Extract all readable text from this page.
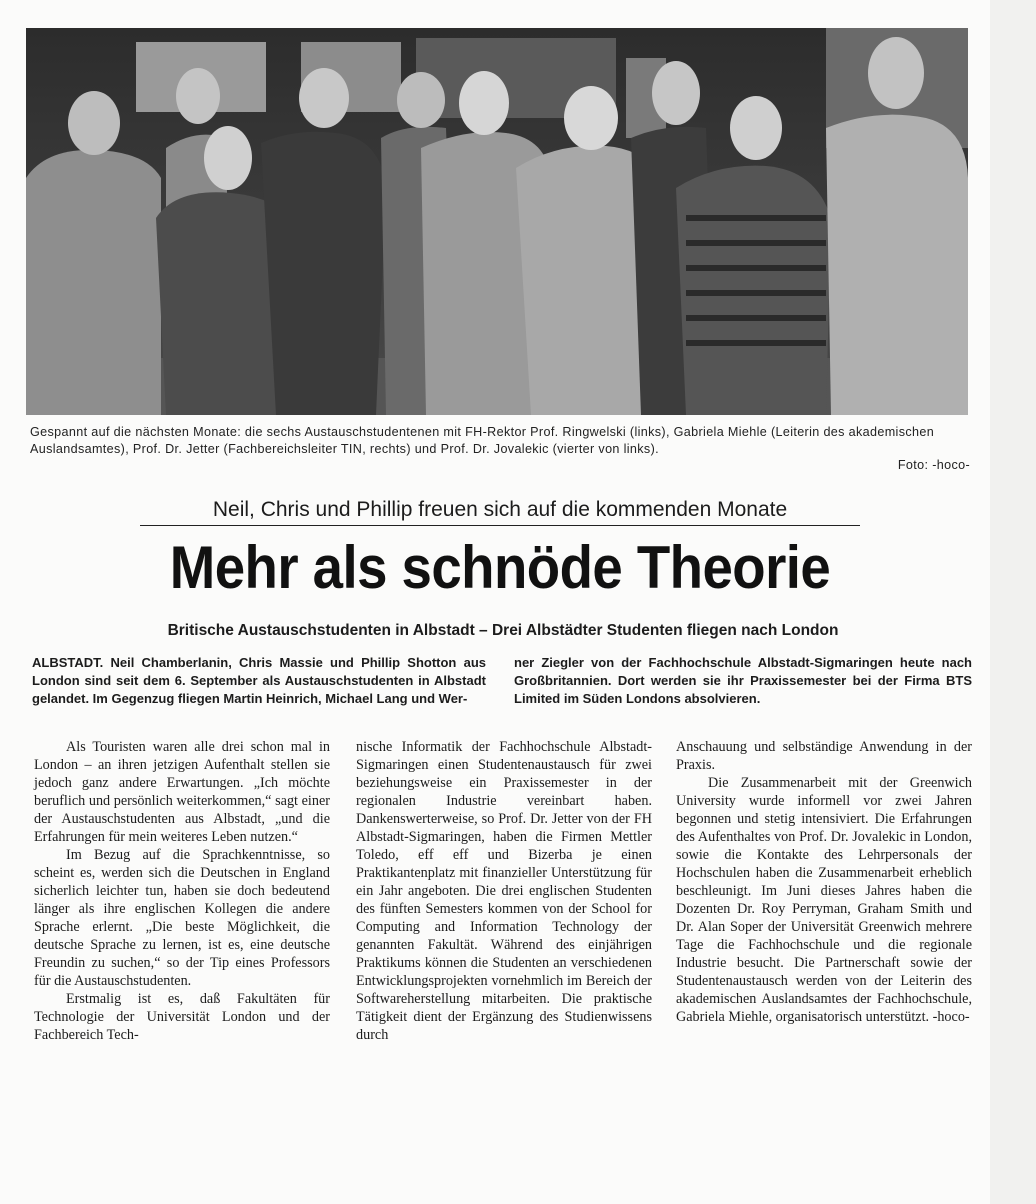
Gespannt auf die nächsten Monate: die sechs Austauschstudentenen mit FH-Rektor Prof. Ringwelski (links), Gabriela Miehle (Leiterin des akademischen Auslandsamtes), Prof. Dr. Jetter (Fachbereichsleiter TIN, rechts) und Prof. Dr. Jovalekic (vierter von links).
Foto: -hoco-
Neil, Chris und Phillip freuen sich auf die kommenden Monate
Mehr als schnöde Theorie
Britische Austauschstudenten in Albstadt – Drei Albstädter Studenten fliegen nach London

ALBSTADT. Neil Chamberlanin, Chris Massie und Phillip Shotton aus London sind seit dem 6. September als Austauschstudenten in Albstadt gelandet. Im Gegenzug fliegen Martin Heinrich, Michael Lang und Wer-

ner Ziegler von der Fachhochschule Albstadt-Sigmaringen heute nach Großbritannien. Dort werden sie ihr Praxissemester bei der Firma BTS Limited im Süden Londons absolvieren.

Als Touristen waren alle drei schon mal in London – an ihren jetzigen Aufenthalt stellen sie jedoch ganz andere Erwartungen. „Ich möchte beruflich und persönlich weiterkommen,“ sagt einer der Austauschstudenten aus Albstadt, „und die Erfahrungen für mein weiteres Leben nutzen.“

Im Bezug auf die Sprachkenntnisse, so scheint es, werden sich die Deutschen in England sicherlich leichter tun, haben sie doch bedeutend länger als ihre englischen Kollegen die andere Sprache erlernt. „Die beste Möglichkeit, die deutsche Sprache zu lernen, ist es, eine deutsche Freundin zu suchen,“ so der Tip eines Professors für die Austauschstudenten.

Erstmalig ist es, daß Fakultäten für Technologie der Universität London und der Fachbereich Tech-

nische Informatik der Fachhochschule Albstadt-Sigmaringen einen Studentenaustausch für zwei beziehungsweise ein Praxissemester in der regionalen Industrie vereinbart haben. Dankenswerterweise, so Prof. Dr. Jetter von der FH Albstadt-Sigmaringen, haben die Firmen Mettler Toledo, eff eff und Bizerba je einen Praktikantenplatz mit finanzieller Unterstützung für ein Jahr angeboten. Die drei englischen Studenten des fünften Semesters kommen von der School for Computing and Information Technology der genannten Fakultät. Während des einjährigen Praktikums können die Studenten an verschiedenen Entwicklungsprojekten vornehmlich im Bereich der Softwareherstellung mitarbeiten. Die praktische Tätigkeit dient der Ergänzung des Studienwissens durch

Anschauung und selbständige Anwendung in der Praxis.

Die Zusammenarbeit mit der Greenwich University wurde informell vor zwei Jahren begonnen und stetig intensiviert. Die Erfahrungen des Aufenthaltes von Prof. Dr. Jovalekic in London, sowie die Kontakte des Lehrpersonals der Hochschulen haben die Zusammenarbeit erheblich beschleunigt. Im Juni dieses Jahres haben die Dozenten Dr. Roy Perryman, Graham Smith und Dr. Alan Soper der Universität Greenwich mehrere Tage die Fachhochschule und die regionale Industrie besucht. Die Partnerschaft sowie der Studentenaustausch werden von der Leiterin des akademischen Auslandsamtes der Fachhochschule, Gabriela Miehle, organisatorisch unterstützt. -hoco-
